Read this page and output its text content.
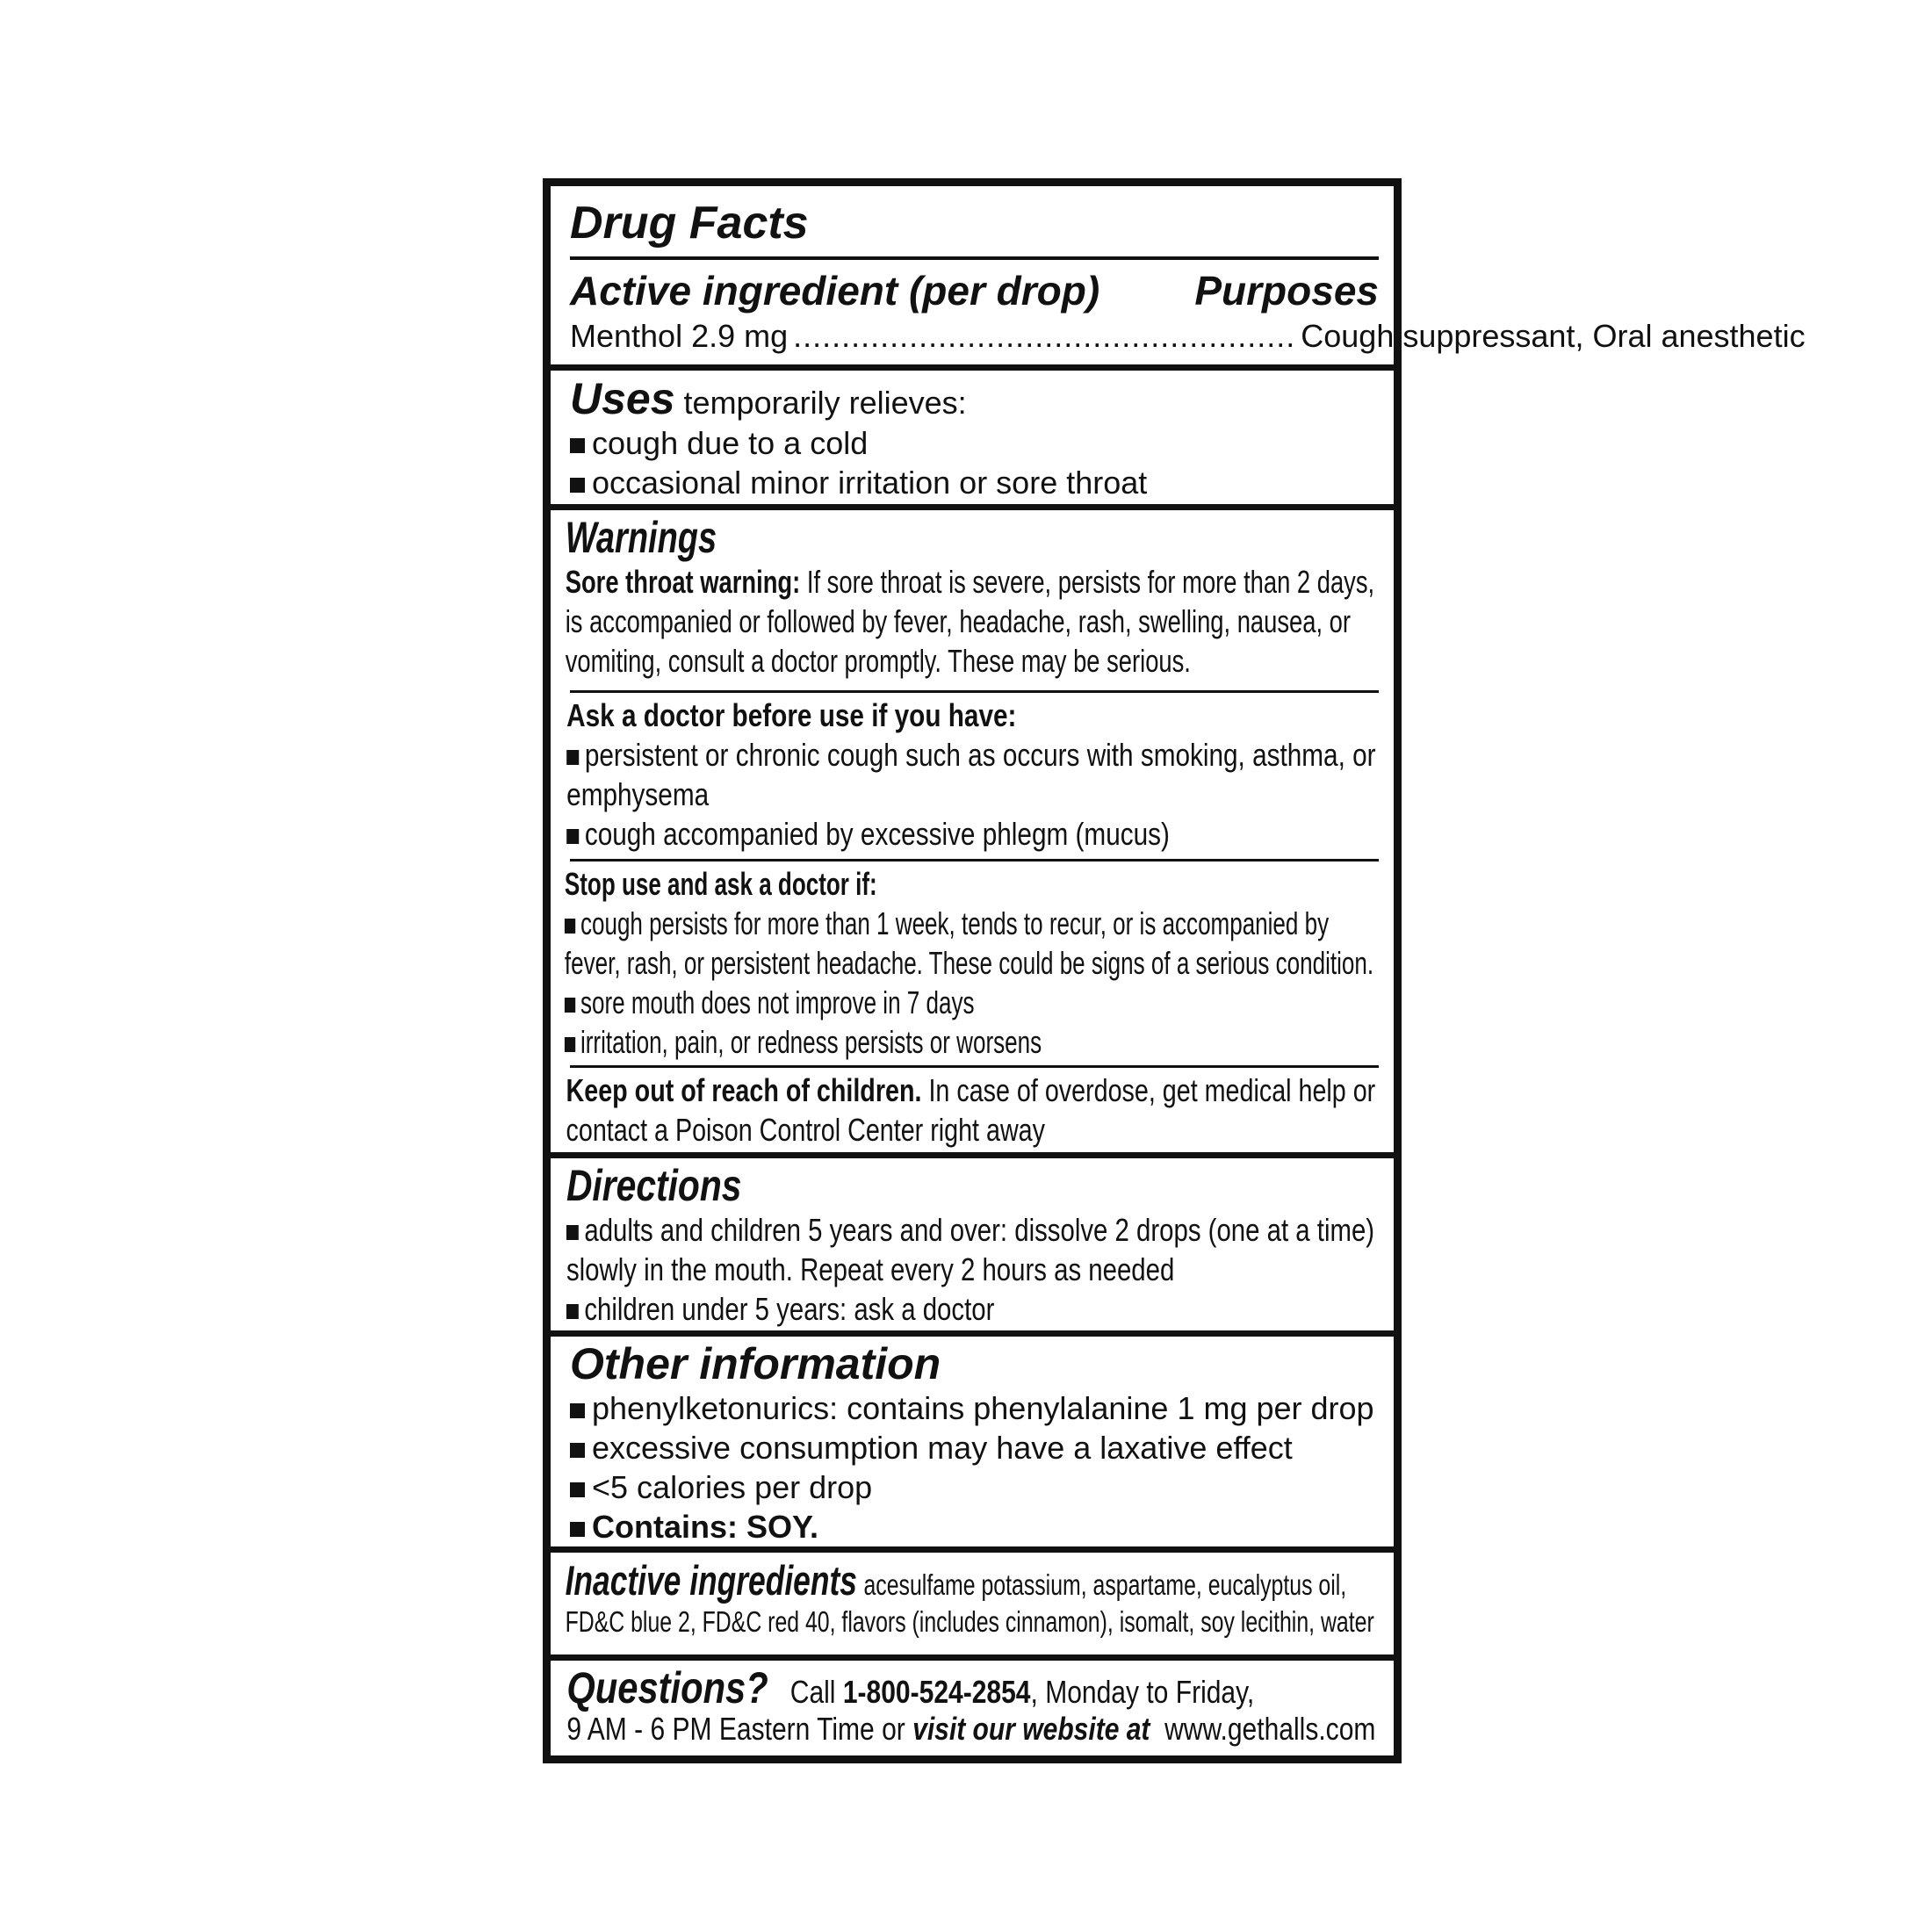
Drug Facts
Active ingredient (per drop) Purposes
Menthol 2.9 mg .................................................... Cough suppressant, Oral anesthetic
Uses temporarily relieves:
cough due to a cold
occasional minor irritation or sore throat
Warnings
Sore throat warning: If sore throat is severe, persists for more than 2 days,
is accompanied or followed by fever, headache, rash, swelling, nausea, or
vomiting, consult a doctor promptly. These may be serious.
Ask a doctor before use if you have:
persistent or chronic cough such as occurs with smoking, asthma, or
emphysema
cough accompanied by excessive phlegm (mucus)
Stop use and ask a doctor if:
cough persists for more than 1 week, tends to recur, or is accompanied by
fever, rash, or persistent headache. These could be signs of a serious condition.
sore mouth does not improve in 7 days
irritation, pain, or redness persists or worsens
Keep out of reach of children. In case of overdose, get medical help or
contact a Poison Control Center right away
Directions
adults and children 5 years and over: dissolve 2 drops (one at a time)
slowly in the mouth. Repeat every 2 hours as needed
children under 5 years: ask a doctor
Other information
phenylketonurics: contains phenylalanine 1 mg per drop
excessive consumption may have a laxative effect
<5 calories per drop
Contains: SOY.
Inactive ingredients acesulfame potassium, aspartame, eucalyptus oil,
FD&C blue 2, FD&C red 40, flavors (includes cinnamon), isomalt, soy lecithin, water
Questions? Call 1-800-524-2854, Monday to Friday,
9 AM - 6 PM Eastern Time or visit our website at www.gethalls.com
